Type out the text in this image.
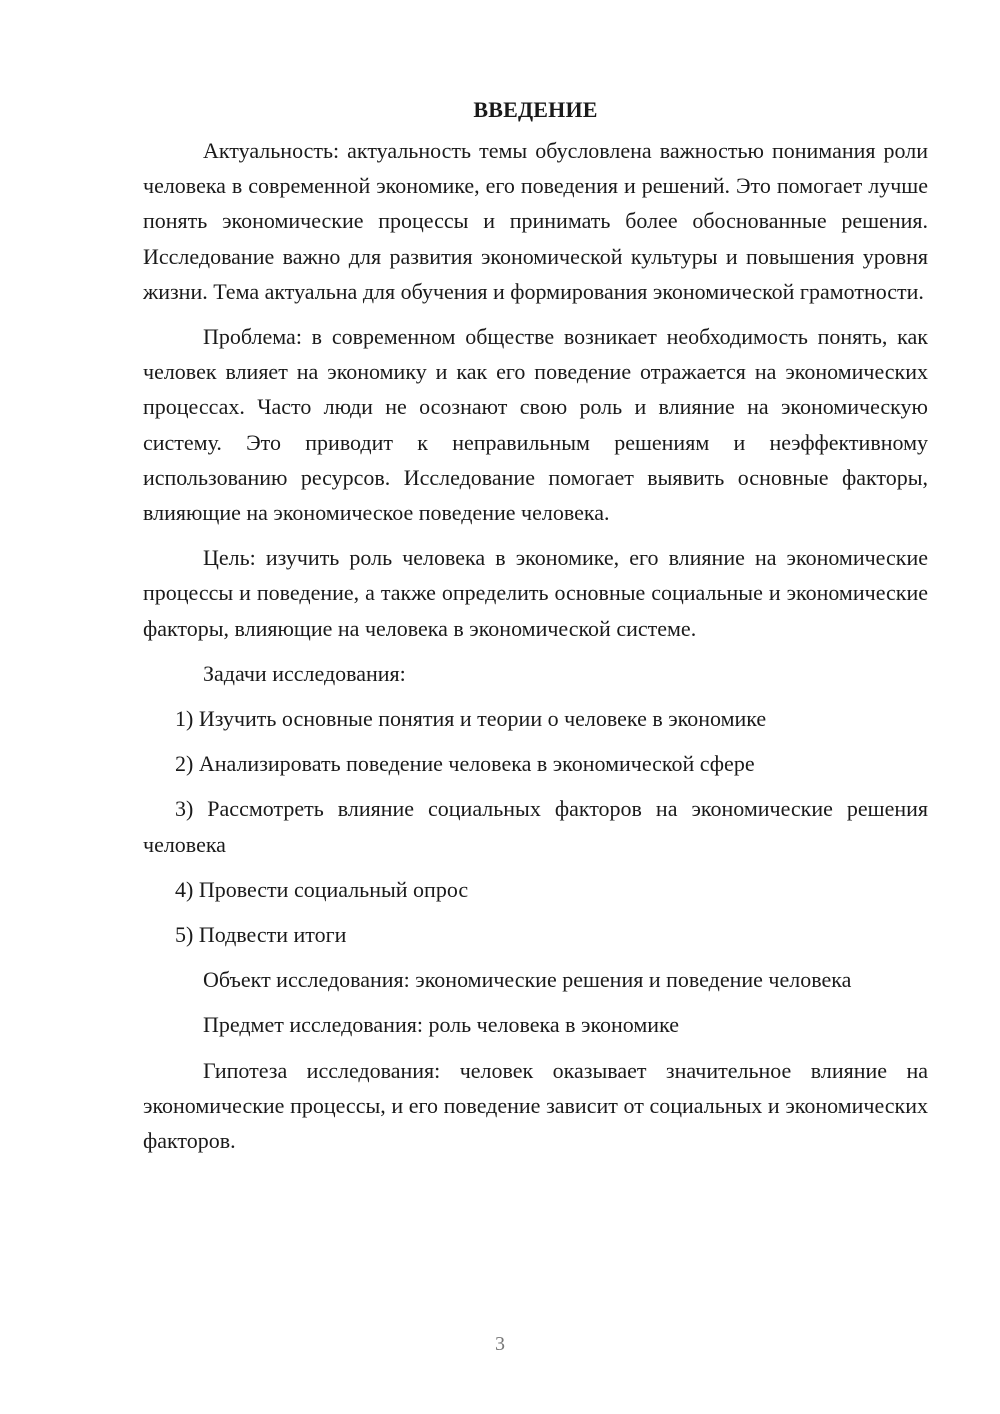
ВВЕДЕНИЕ

Актуальность: актуальность темы обусловлена важностью понимания роли человека в современной экономике, его поведения и решений. Это помогает лучше понять экономические процессы и принимать более обоснованные решения. Исследование важно для развития экономической культуры и повышения уровня жизни. Тема актуальна для обучения и формирования экономической грамотности.

Проблема: в современном обществе возникает необходимость понять, как человек влияет на экономику и как его поведение отражается на экономических процессах. Часто люди не осознают свою роль и влияние на экономическую систему. Это приводит к неправильным решениям и неэффективному использованию ресурсов. Исследование помогает выявить основные факторы, влияющие на экономическое поведение человека.

Цель: изучить роль человека в экономике, его влияние на экономические процессы и поведение, а также определить основные социальные и экономические факторы, влияющие на человека в экономической системе.

Задачи исследования:

1) Изучить основные понятия и теории о человеке в экономике

2) Анализировать поведение человека в экономической сфере

3) Рассмотреть влияние социальных факторов на экономические решения человека

4) Провести социальный опрос

5) Подвести итоги

Объект исследования: экономические решения и поведение человека

Предмет исследования: роль человека в экономике

Гипотеза исследования: человек оказывает значительное влияние на экономические процессы, и его поведение зависит от социальных и экономических факторов.

3
